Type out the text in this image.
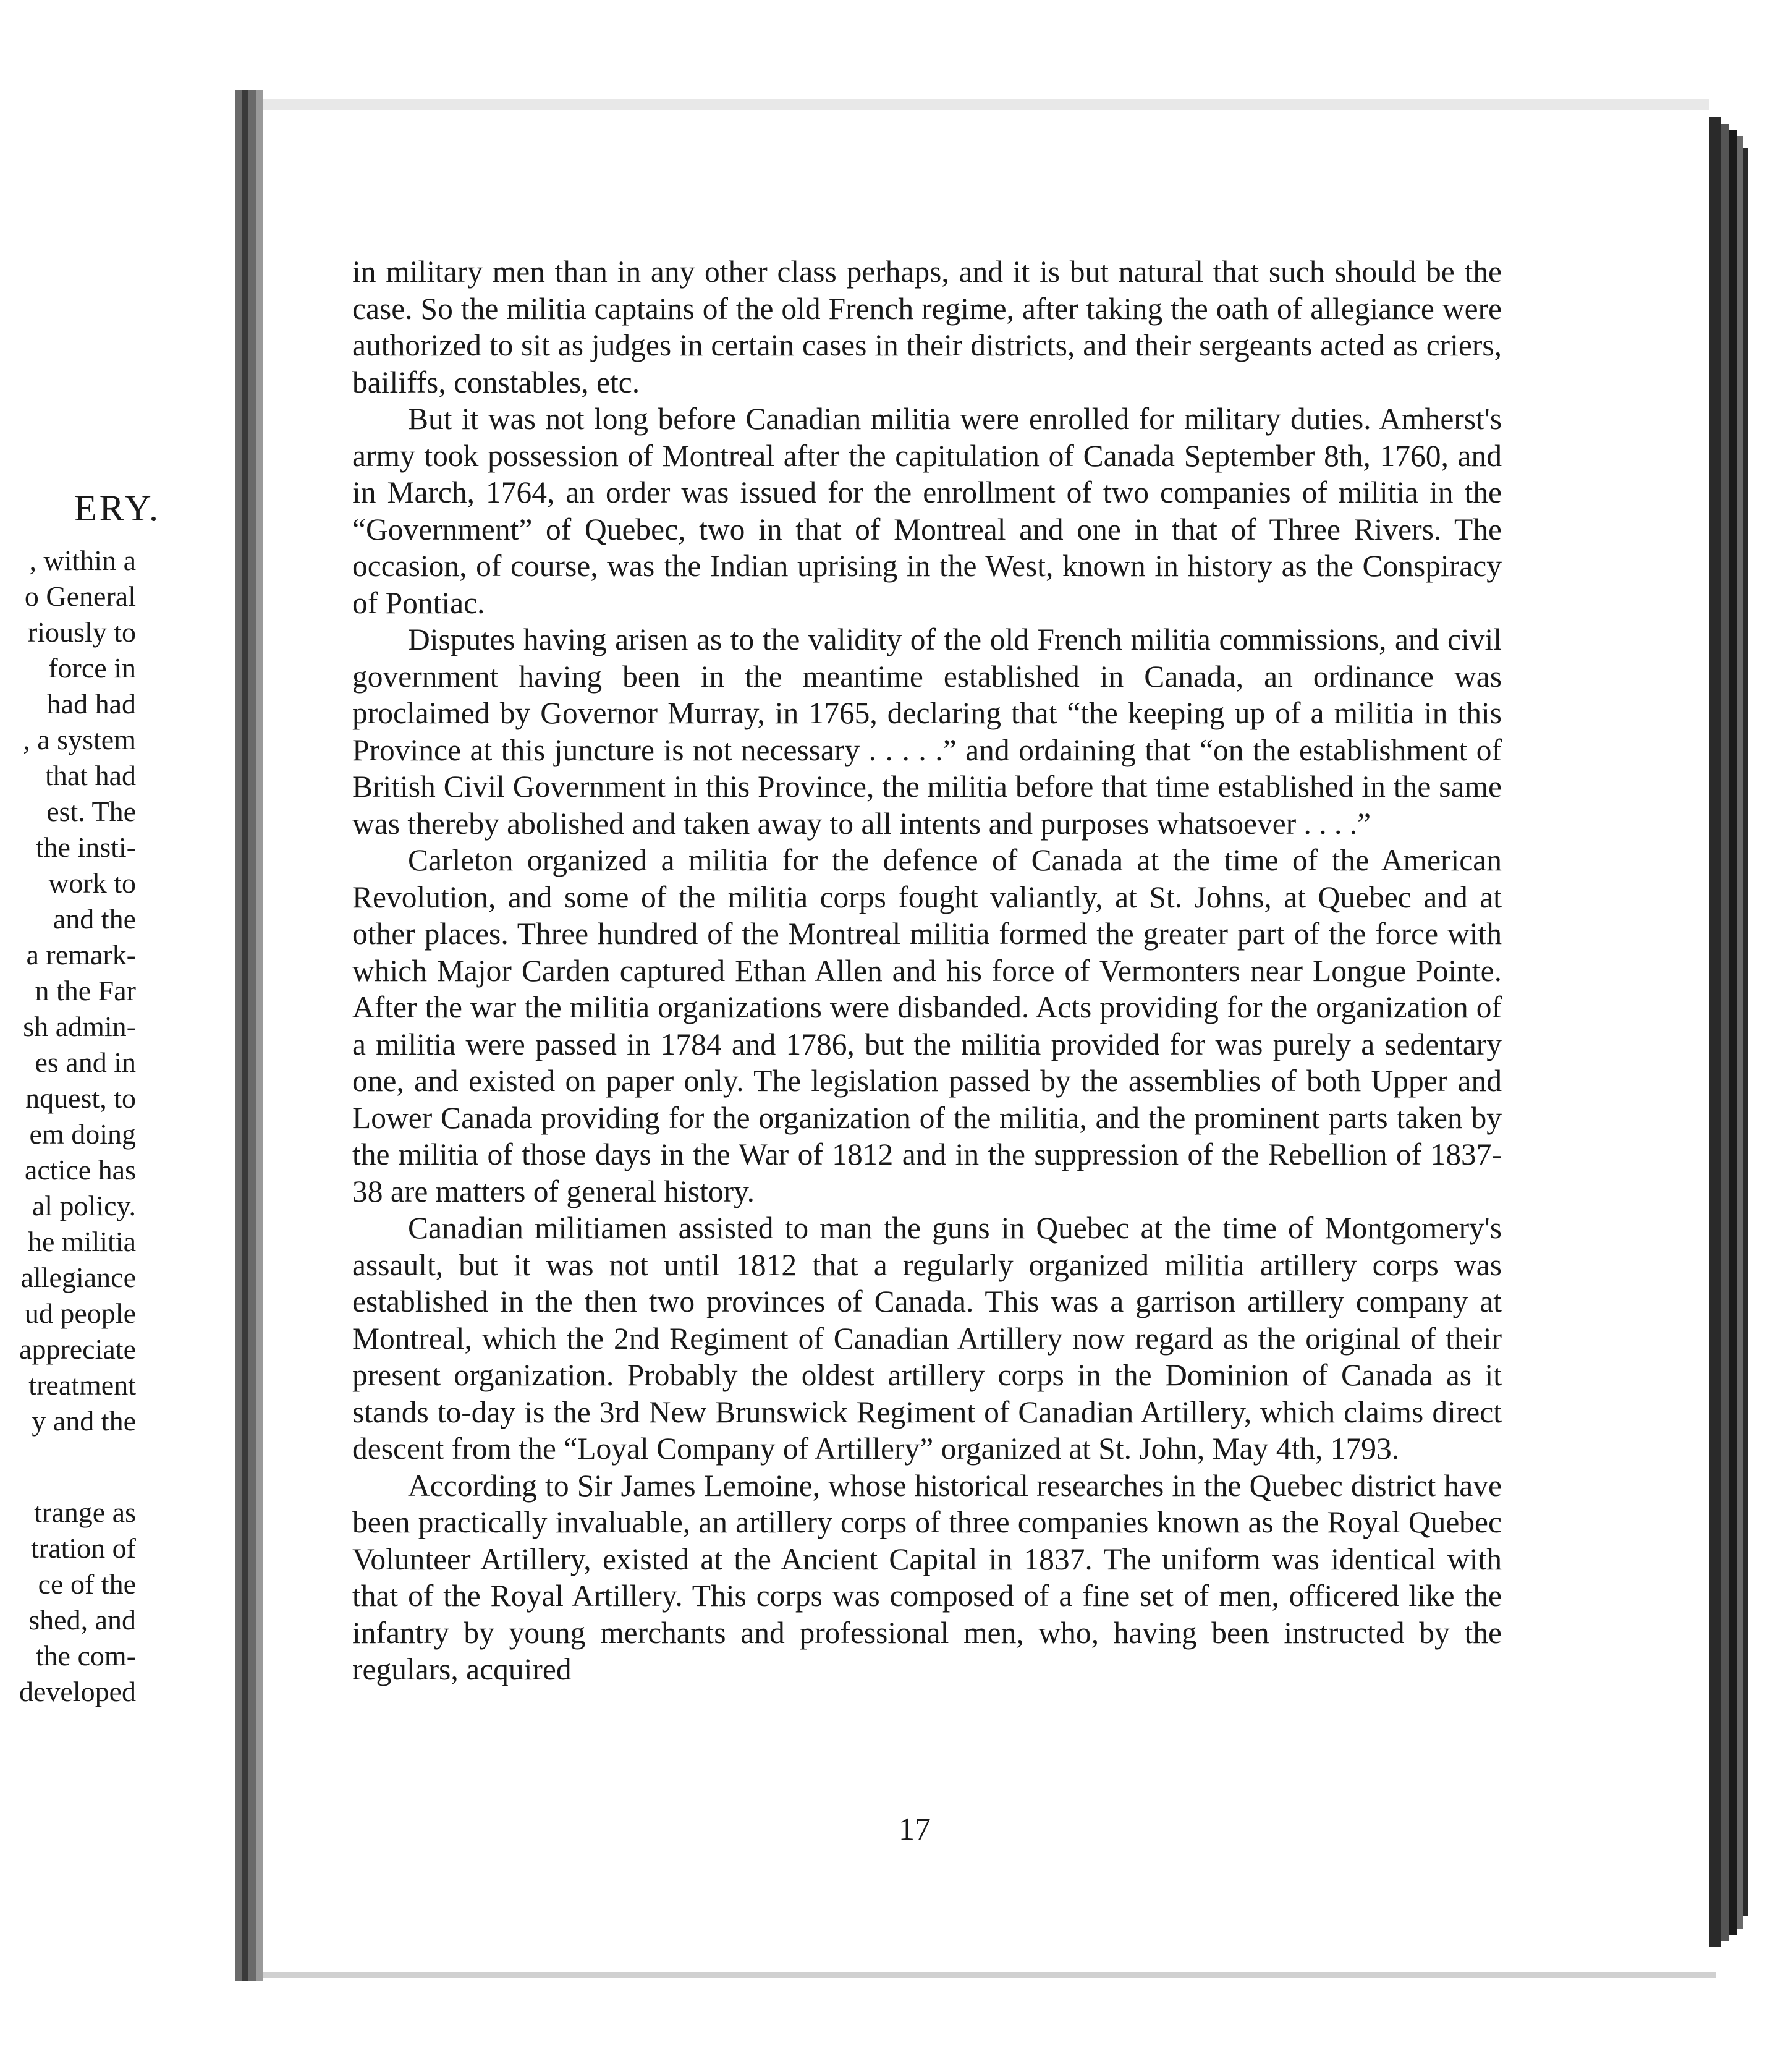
ERY.
, within a
o General
riously to
force in
had had
, a system
that had
est. The
the insti-
work to
and the
a remark-
n the Far
sh admin-
es and in
nquest, to
em doing
actice has
al policy.
he militia
allegiance
ud people
appreciate
treatment
y and the
trange as
tration of
ce of the
shed, and
the com-
developed

in military men than in any other class perhaps, and it is but natural that such should be the case. So the militia captains of the old French regime, after taking the oath of allegiance were authorized to sit as judges in certain cases in their districts, and their sergeants acted as criers, bailiffs, constables, etc.

But it was not long before Canadian militia were enrolled for military duties. Amherst's army took possession of Montreal after the capitulation of Canada September 8th, 1760, and in March, 1764, an order was issued for the enrollment of two companies of militia in the “Government” of Quebec, two in that of Montreal and one in that of Three Rivers. The occasion, of course, was the Indian uprising in the West, known in history as the Conspiracy of Pontiac.

Disputes having arisen as to the validity of the old French militia commissions, and civil government having been in the meantime established in Canada, an ordinance was proclaimed by Governor Murray, in 1765, declaring that “the keeping up of a militia in this Province at this juncture is not necessary . . . . .” and ordaining that “on the establishment of British Civil Government in this Province, the militia before that time established in the same was thereby abolished and taken away to all intents and purposes whatsoever . . . .”

Carleton organized a militia for the defence of Canada at the time of the American Revolution, and some of the militia corps fought valiantly, at St. Johns, at Quebec and at other places. Three hundred of the Montreal militia formed the greater part of the force with which Major Carden captured Ethan Allen and his force of Vermonters near Longue Pointe. After the war the militia organizations were disbanded. Acts providing for the organization of a militia were passed in 1784 and 1786, but the militia provided for was purely a sedentary one, and existed on paper only. The legislation passed by the assemblies of both Upper and Lower Canada providing for the organization of the militia, and the prominent parts taken by the militia of those days in the War of 1812 and in the suppression of the Rebellion of 1837-38 are matters of general history.

Canadian militiamen assisted to man the guns in Quebec at the time of Montgomery's assault, but it was not until 1812 that a regularly organized militia artillery corps was established in the then two provinces of Canada. This was a garrison artillery company at Montreal, which the 2nd Regiment of Canadian Artillery now regard as the original of their present organization. Probably the oldest artillery corps in the Dominion of Canada as it stands to-day is the 3rd New Brunswick Regiment of Canadian Artillery, which claims direct descent from the “Loyal Company of Artillery” organized at St. John, May 4th, 1793.

According to Sir James Lemoine, whose historical researches in the Quebec district have been practically invaluable, an artillery corps of three companies known as the Royal Quebec Volunteer Artillery, existed at the Ancient Capital in 1837. The uniform was identical with that of the Royal Artillery. This corps was composed of a fine set of men, officered like the infantry by young merchants and professional men, who, having been instructed by the regulars, acquired

17
